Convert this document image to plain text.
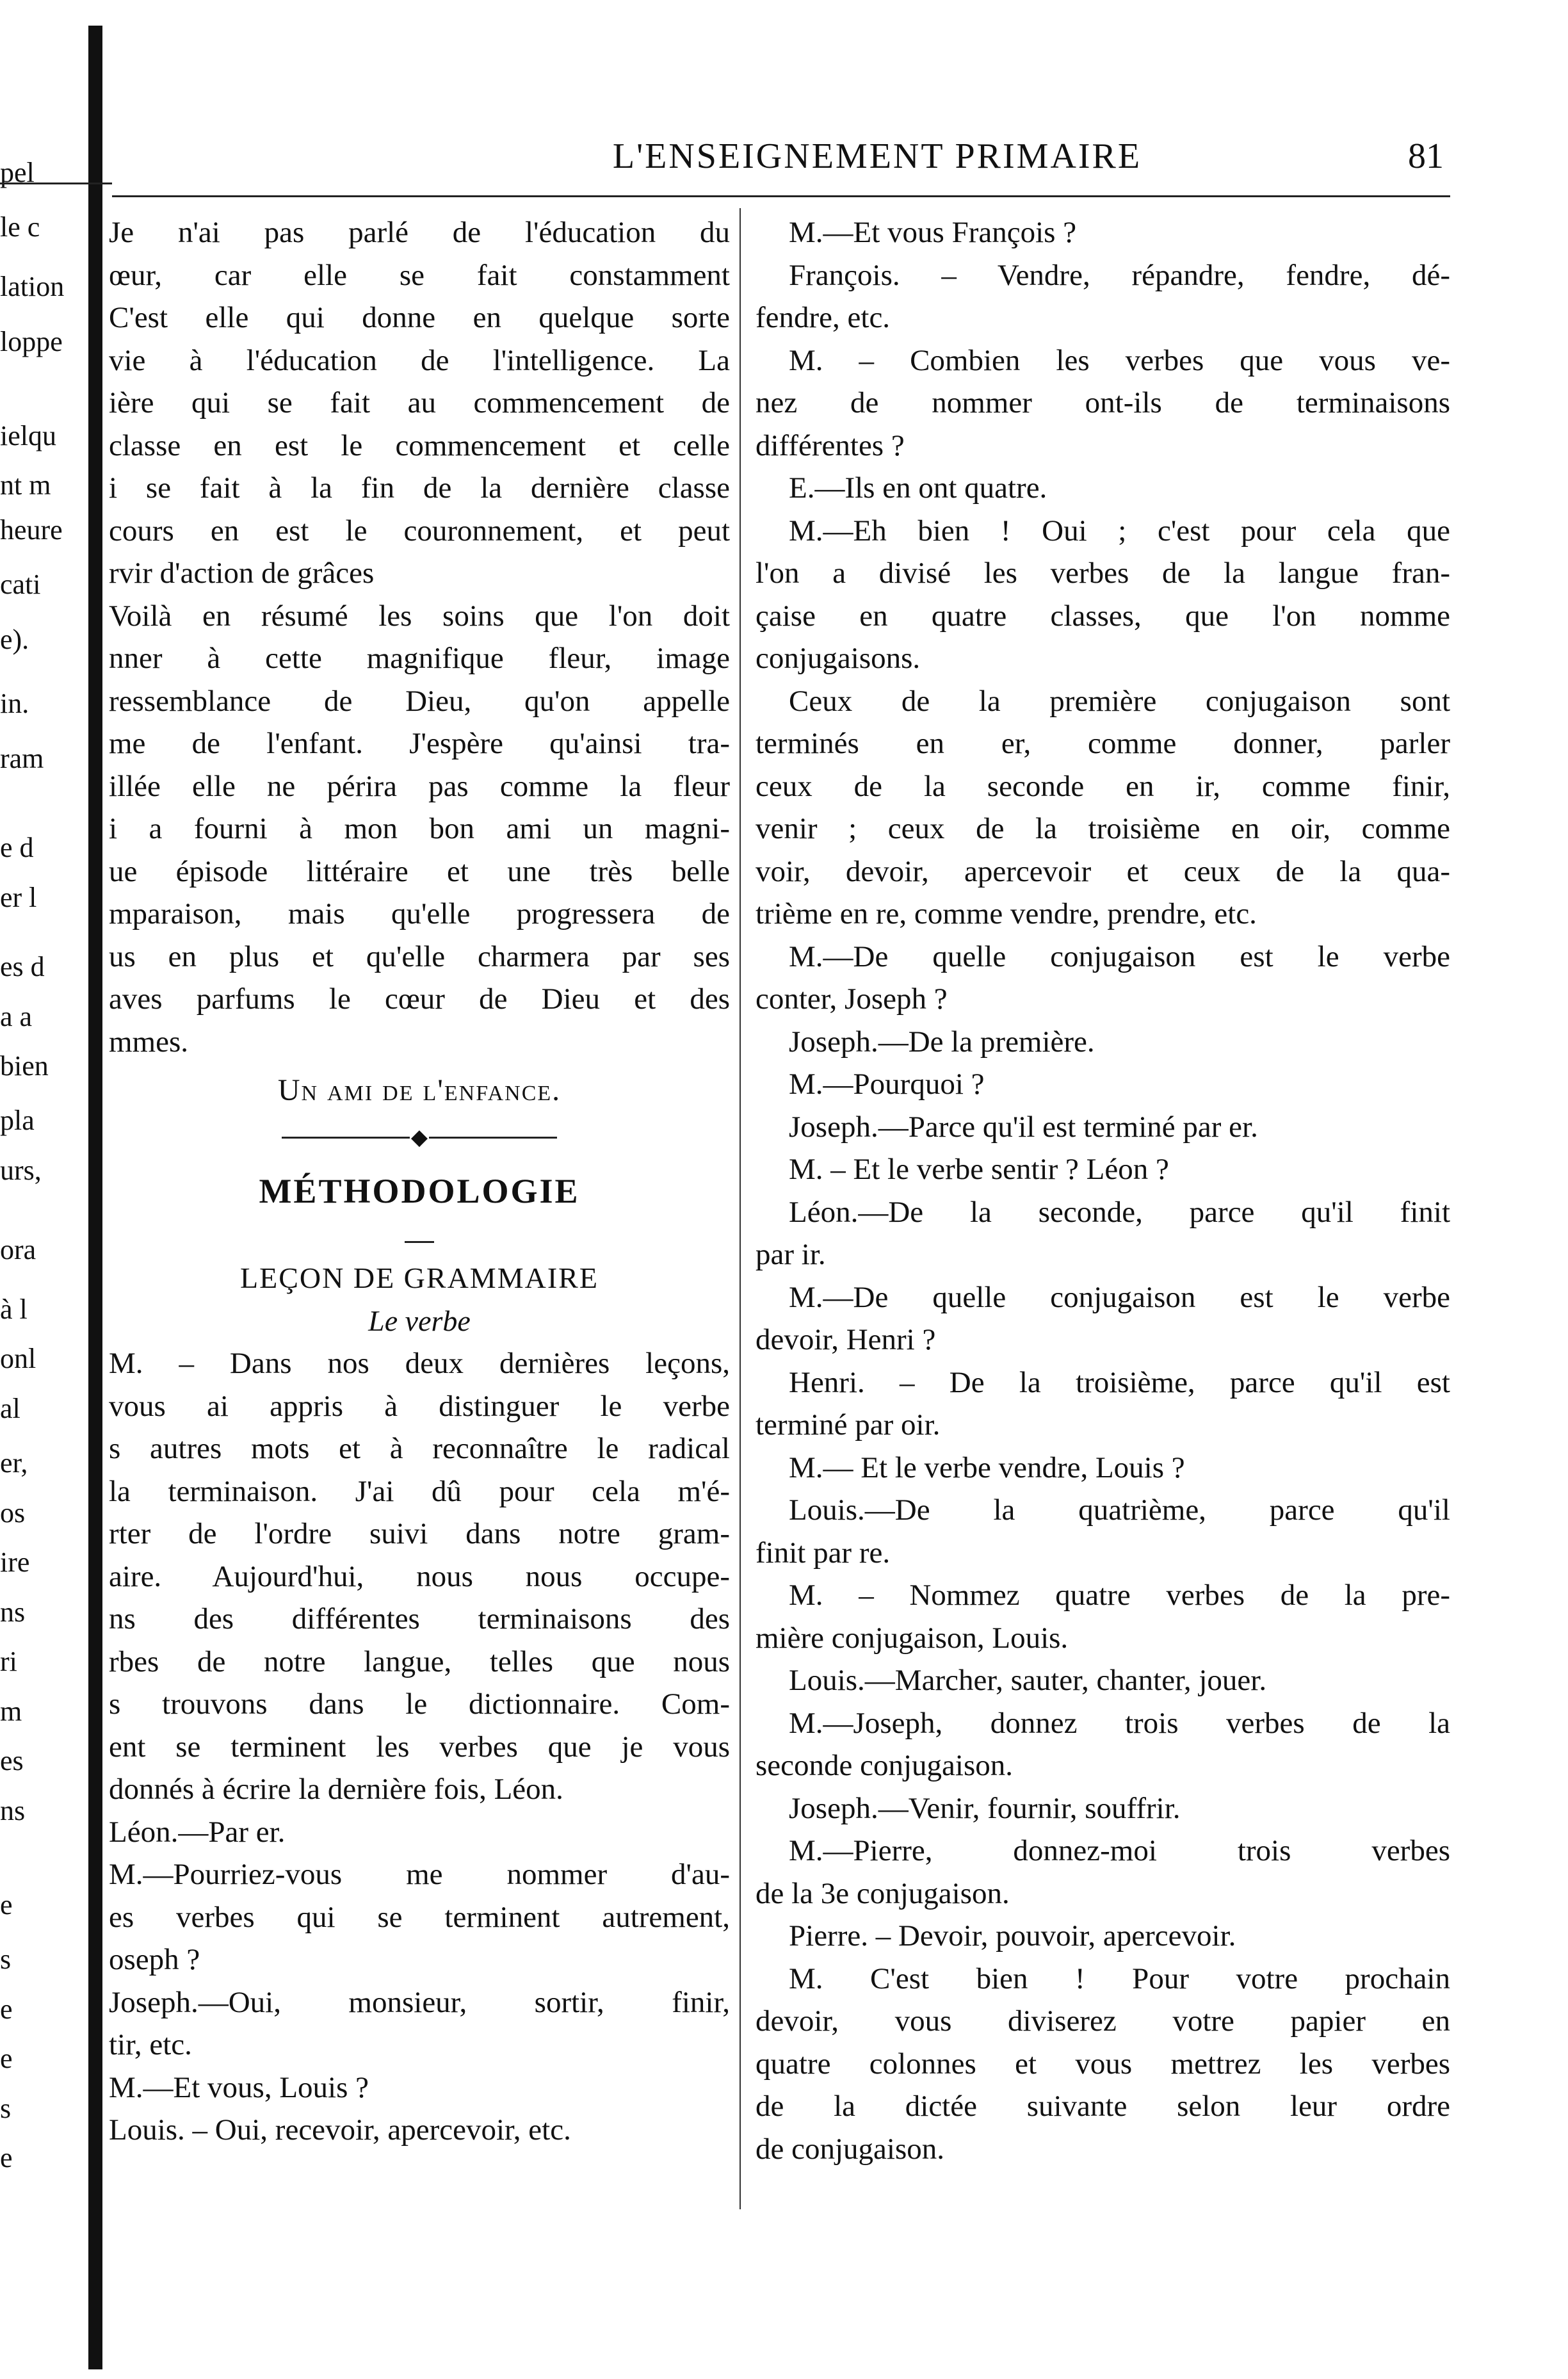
pel
le c
lation
loppe
ielqu
nt m
heure
cati
e).
in.
ram
e d
er l
es d
a a
bien
pla
urs,
ora
à l
onl
al
er,
os
ire
ns
ri
m
es
ns
e
s
e
e
s
e
L'ENSEIGNEMENT PRIMAIRE	81
Je n'ai pas parlé de l'éducation du
œur, car elle se fait constamment
C'est elle qui donne en quelque sorte
vie à l'éducation de l'intelligence. La
ière qui se fait au commencement de
classe en est le commencement et celle
i se fait à la fin de la dernière classe
cours en est le couronnement, et peut
rvir d'action de grâces
Voilà en résumé les soins que l'on doit
nner à cette magnifique fleur, image
ressemblance de Dieu, qu'on appelle
me de l'enfant. J'espère qu'ainsi tra-
illée elle ne périra pas comme la fleur
i a fourni à mon bon ami un magni-
ue épisode littéraire et une très belle
mparaison, mais qu'elle progressera de
us en plus et qu'elle charmera par ses
aves parfums le cœur de Dieu et des
mmes.
Un ami de l'enfance.
◆
MÉTHODOLOGIE
LEÇON DE GRAMMAIRE
Le verbe
M. – Dans nos deux dernières leçons,
vous ai appris à distinguer le verbe
s autres mots et à reconnaître le radical
la terminaison. J'ai dû pour cela m'é-
rter de l'ordre suivi dans notre gram-
aire. Aujourd'hui, nous nous occupe-
ns des différentes terminaisons des
rbes de notre langue, telles que nous
s trouvons dans le dictionnaire. Com-
ent se terminent les verbes que je vous
donnés à écrire la dernière fois, Léon.
Léon.—Par er.
M.—Pourriez-vous me nommer d'au-
es verbes qui se terminent autrement,
oseph ?
Joseph.—Oui, monsieur, sortir, finir,
tir, etc.
M.—Et vous, Louis ?
Louis. – Oui, recevoir, apercevoir, etc.
M.—Et vous François ?
François. – Vendre, répandre, fendre, dé-
fendre, etc.
M. – Combien les verbes que vous ve-
nez de nommer ont-ils de terminaisons
différentes ?
E.—Ils en ont quatre.
M.—Eh bien ! Oui ; c'est pour cela que
l'on a divisé les verbes de la langue fran-
çaise en quatre classes, que l'on nomme
conjugaisons.
Ceux de la première conjugaison sont
terminés en er, comme donner, parler
ceux de la seconde en ir, comme finir,
venir ; ceux de la troisième en oir, comme
voir, devoir, apercevoir et ceux de la qua-
trième en re, comme vendre, prendre, etc.
M.—De quelle conjugaison est le verbe
conter, Joseph ?
Joseph.—De la première.
M.—Pourquoi ?
Joseph.—Parce qu'il est terminé par er.
M. – Et le verbe sentir ? Léon ?
Léon.—De la seconde, parce qu'il finit
par ir.
M.—De quelle conjugaison est le verbe
devoir, Henri ?
Henri. – De la troisième, parce qu'il est
terminé par oir.
M.— Et le verbe vendre, Louis ?
Louis.—De la quatrième, parce qu'il
finit par re.
M. – Nommez quatre verbes de la pre-
mière conjugaison, Louis.
Louis.—Marcher, sauter, chanter, jouer.
M.—Joseph, donnez trois verbes de la
seconde conjugaison.
Joseph.—Venir, fournir, souffrir.
M.—Pierre, donnez-moi trois verbes
de la 3e conjugaison.
Pierre. – Devoir, pouvoir, apercevoir.
M. C'est bien ! Pour votre prochain
devoir, vous diviserez votre papier en
quatre colonnes et vous mettrez les verbes
de la dictée suivante selon leur ordre
de conjugaison.
